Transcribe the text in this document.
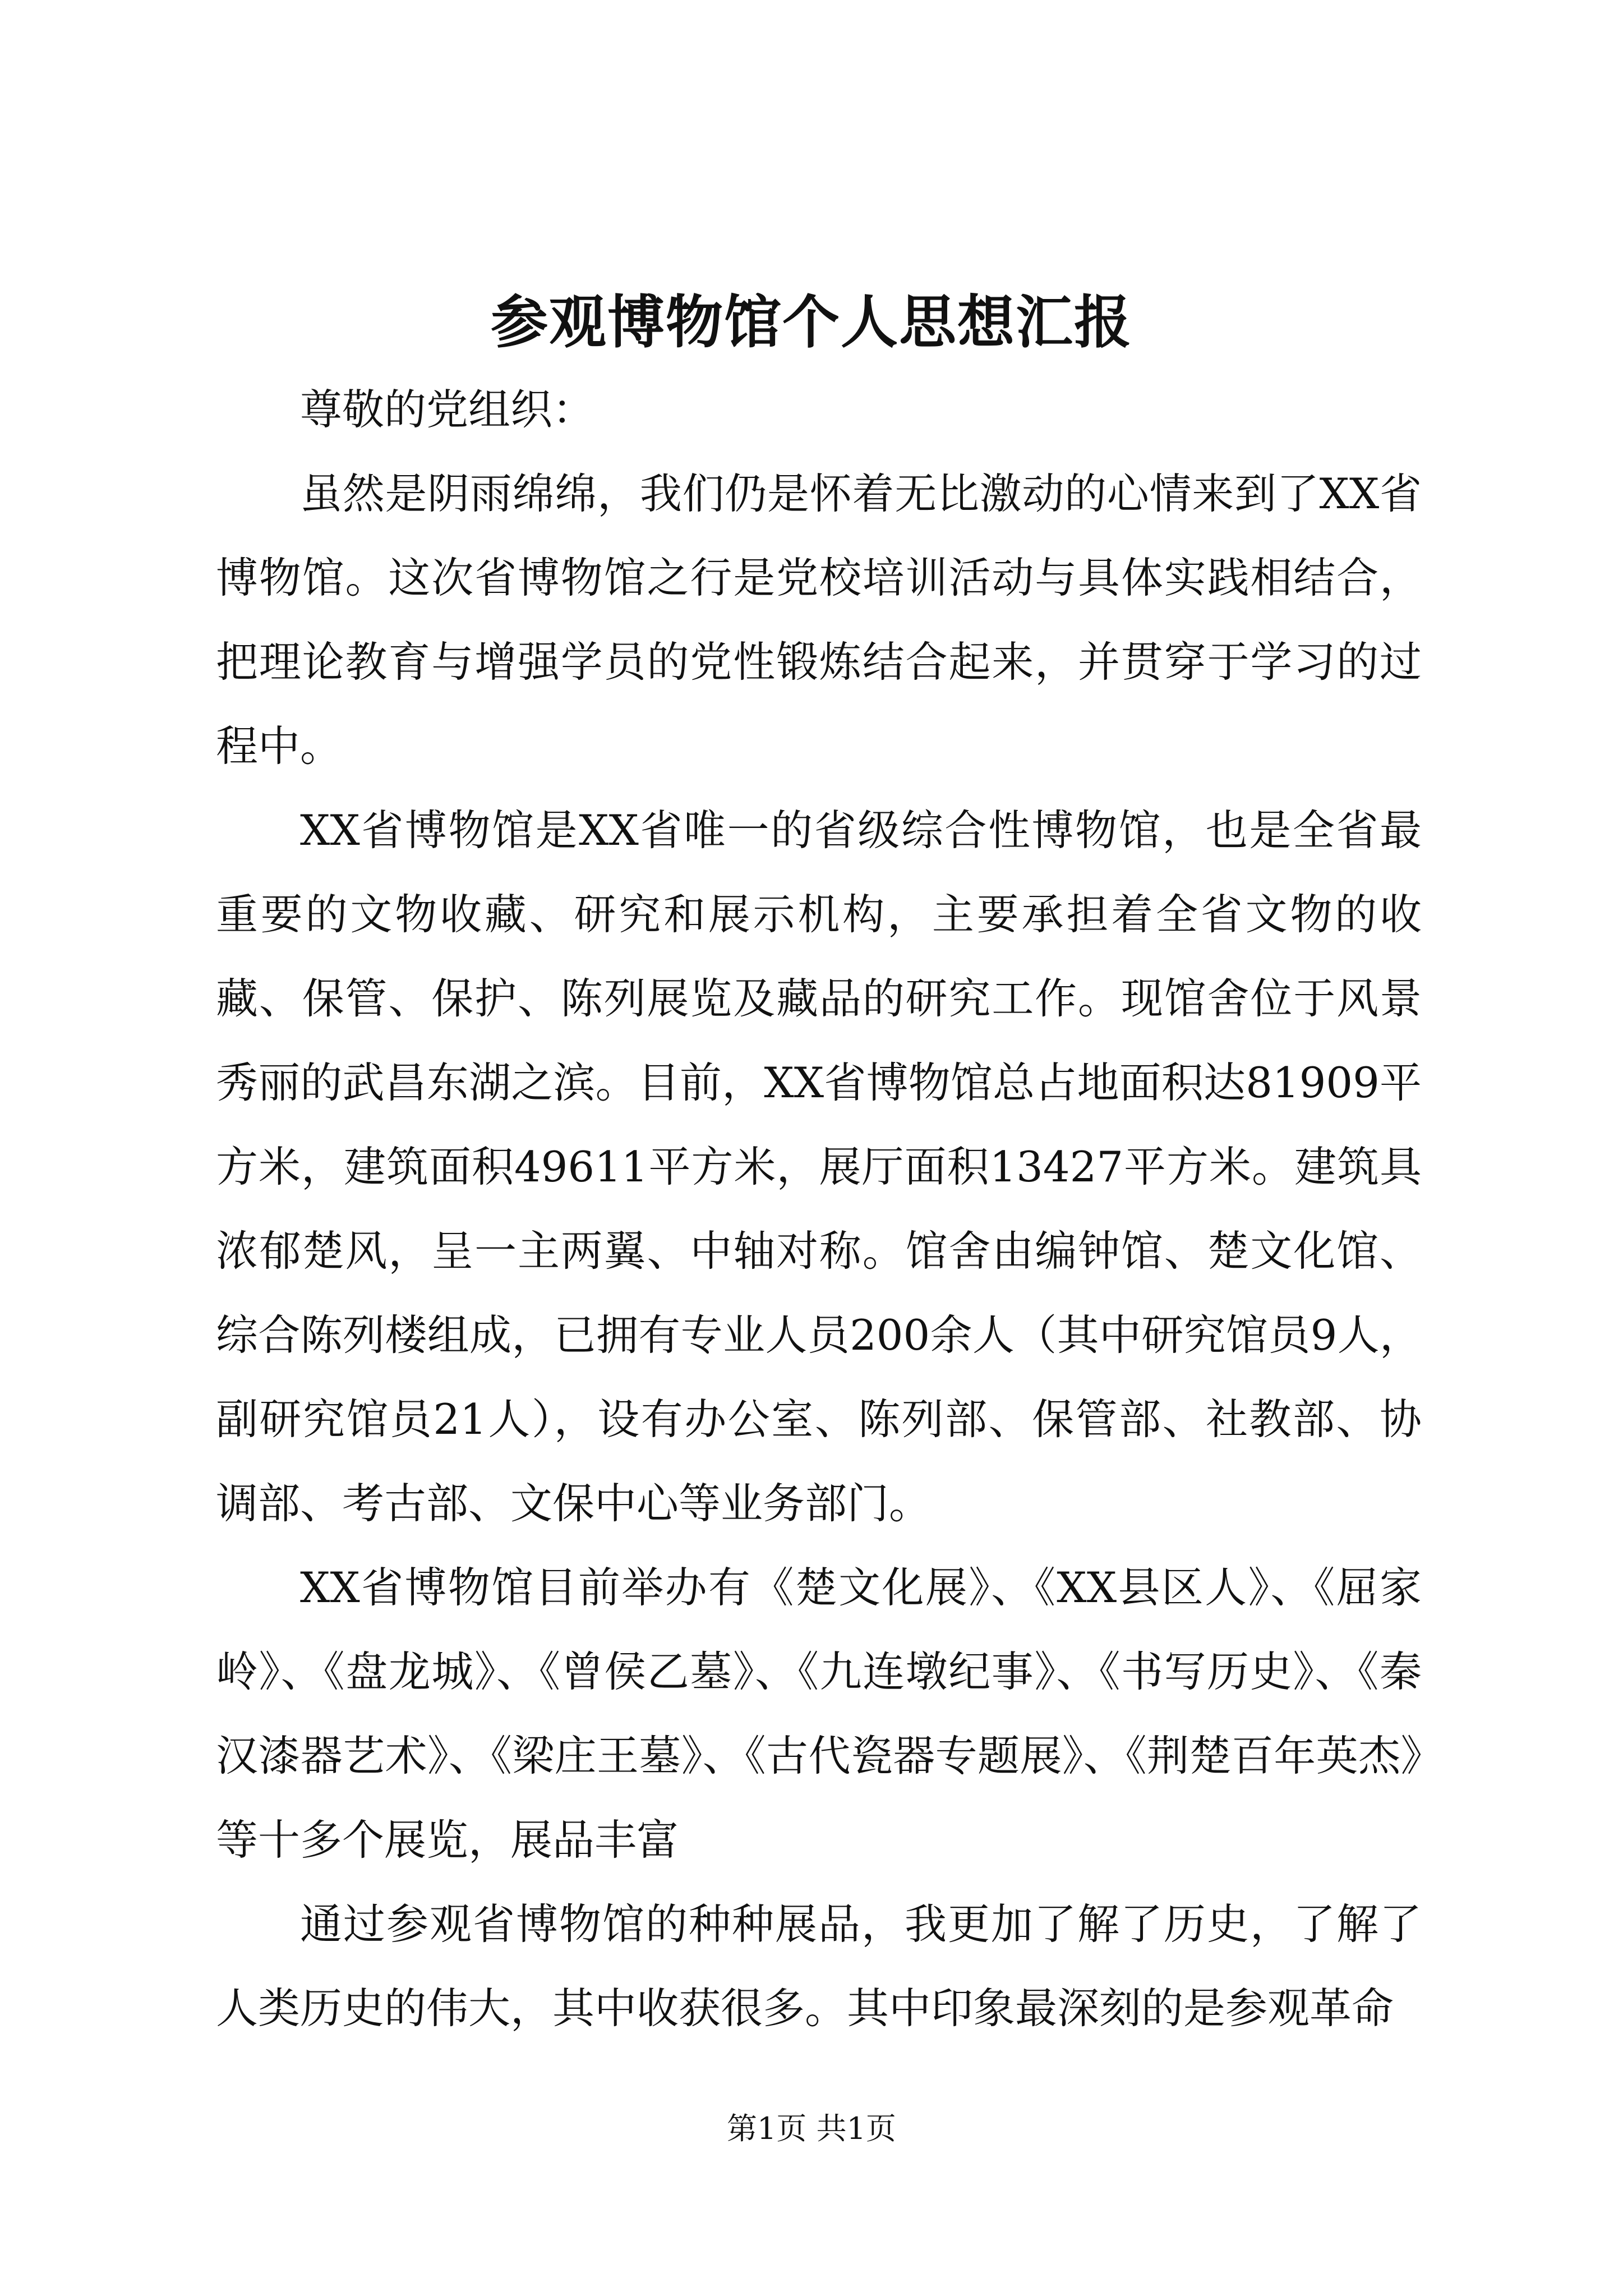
参观博物馆个人思想汇报

尊敬的党组织：

虽然是阴雨绵绵，我们仍是怀着无比激动的心情来到了XX省博物馆。这次省博物馆之行是党校培训活动与具体实践相结合，把理论教育与增强学员的党性锻炼结合起来，并贯穿于学习的过程中。

XX省博物馆是XX省唯一的省级综合性博物馆，也是全省最重要的文物收藏、研究和展示机构，主要承担着全省文物的收藏、保管、保护、陈列展览及藏品的研究工作。现馆舍位于风景秀丽的武昌东湖之滨。目前，XX省博物馆总占地面积达81909平方米，建筑面积49611平方米，展厅面积13427平方米。建筑具浓郁楚风，呈一主两翼、中轴对称。馆舍由编钟馆、楚文化馆、综合陈列楼组成，已拥有专业人员200余人（其中研究馆员9人，副研究馆员21人），设有办公室、陈列部、保管部、社教部、协调部、考古部、文保中心等业务部门。

XX省博物馆目前举办有《楚文化展》、《XX县区人》、《屈家岭》、《盘龙城》、《曾侯乙墓》、《九连墩纪事》、《书写历史》、《秦汉漆器艺术》、《梁庄王墓》、《古代瓷器专题展》、《荆楚百年英杰》等十多个展览，展品丰富

通过参观省博物馆的种种展品，我更加了解了历史，了解了人类历史的伟大，其中收获很多。其中印象最深刻的是参观革命

第1页 共1页
